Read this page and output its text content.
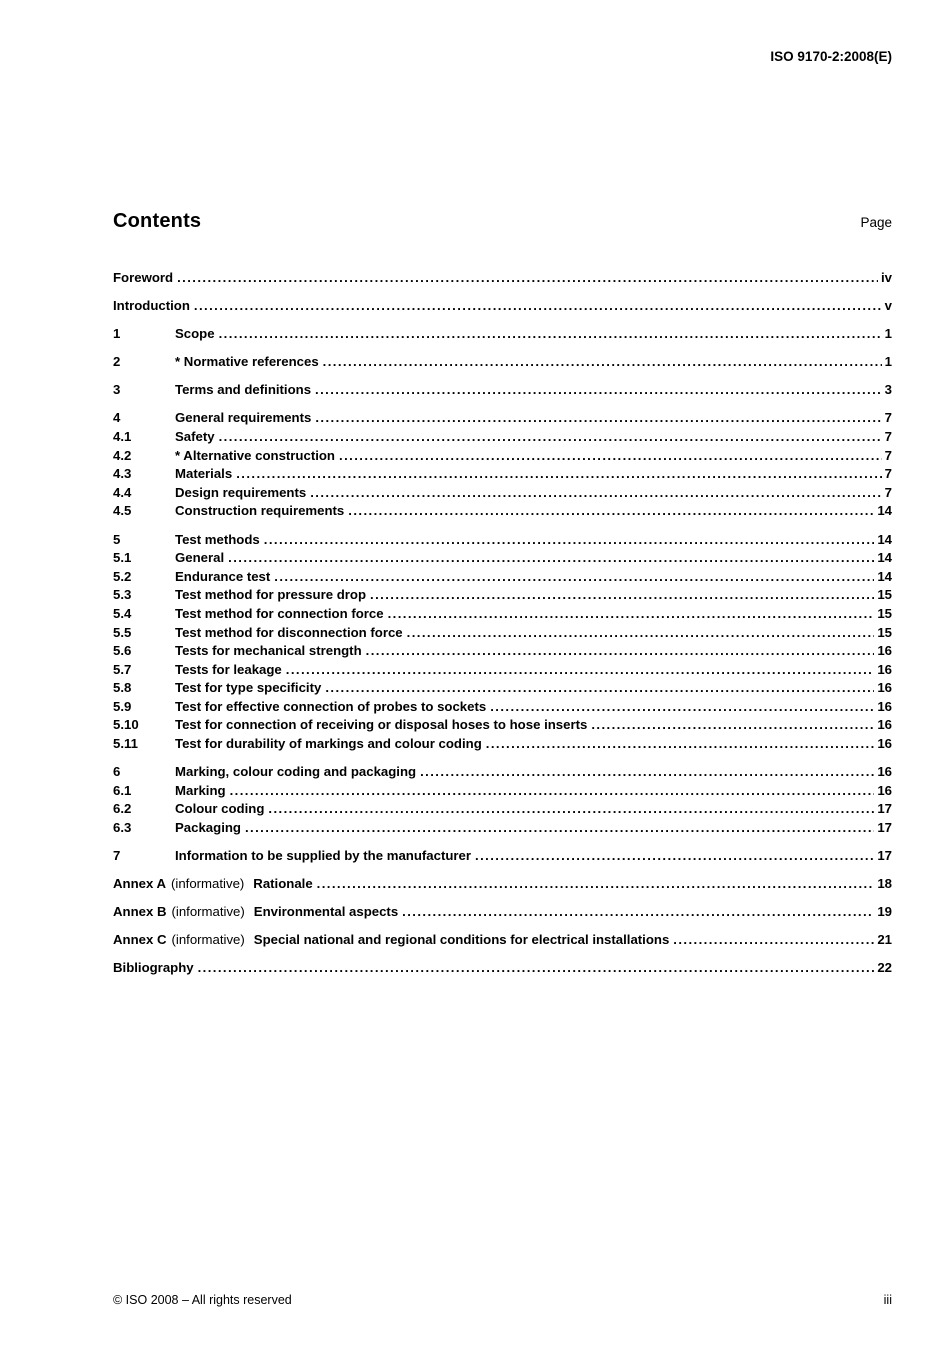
ISO 9170-2:2008(E)
Contents	Page
Foreword .....	iv
Introduction .....	v
1	Scope .....	1
2	* Normative references .....	1
3	Terms and definitions .....	3
4	General requirements .....	7
4.1	Safety .....	7
4.2	* Alternative construction .....	7
4.3	Materials .....	7
4.4	Design requirements .....	7
4.5	Construction requirements .....	14
5	Test methods .....	14
5.1	General .....	14
5.2	Endurance test .....	14
5.3	Test method for pressure drop .....	15
5.4	Test method for connection force .....	15
5.5	Test method for disconnection force .....	15
5.6	Tests for mechanical strength .....	16
5.7	Tests for leakage .....	16
5.8	Test for type specificity .....	16
5.9	Test for effective connection of probes to sockets .....	16
5.10	Test for connection of receiving or disposal hoses to hose inserts .....	16
5.11	Test for durability of markings and colour coding .....	16
6	Marking, colour coding and packaging .....	16
6.1	Marking .....	16
6.2	Colour coding .....	17
6.3	Packaging .....	17
7	Information to be supplied by the manufacturer .....	17
Annex A (informative) Rationale .....	18
Annex B (informative) Environmental aspects .....	19
Annex C (informative) Special national and regional conditions for electrical installations .....	21
Bibliography .....	22
© ISO 2008 – All rights reserved	iii
